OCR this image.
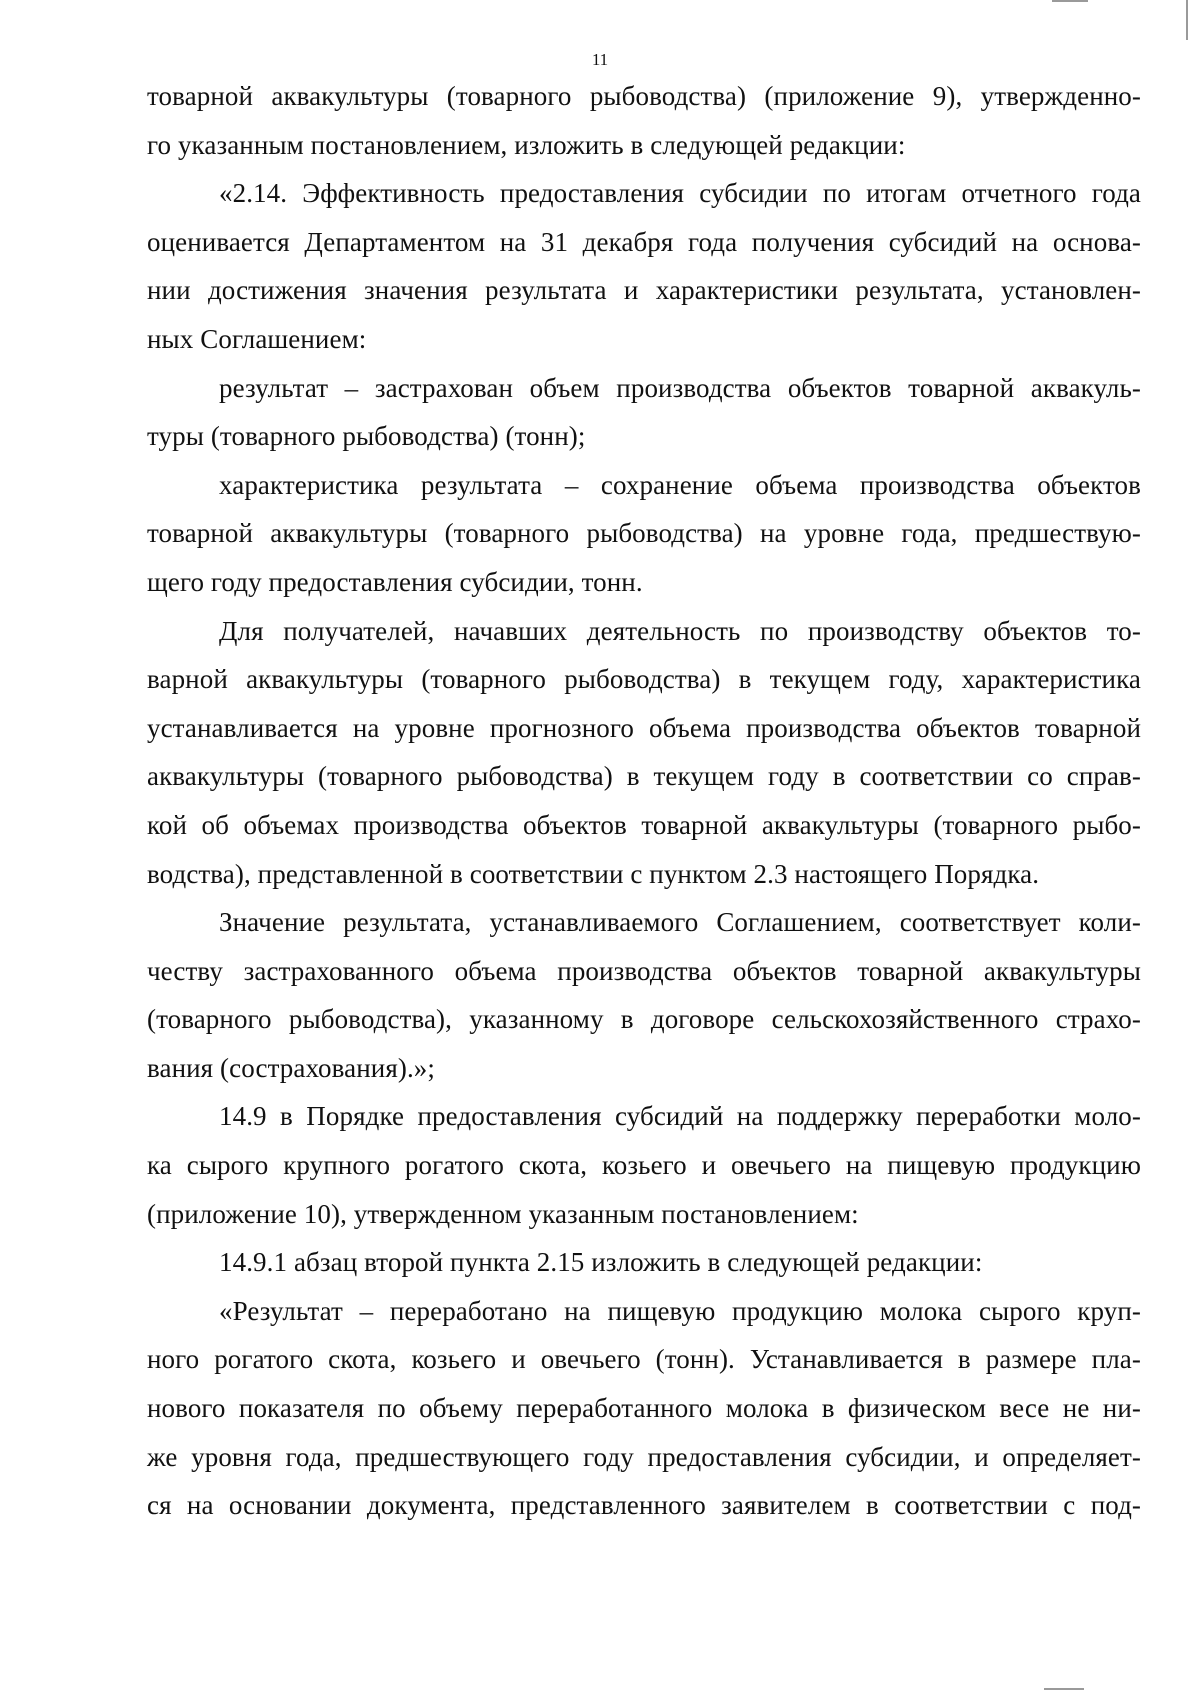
11

товарной аквакультуры (товарного рыбоводства) (приложение 9), утвержденно-

го указанным постановлением, изложить в следующей редакции:

«2.14. Эффективность предоставления субсидии по итогам отчетного года

оценивается Департаментом на 31 декабря года получения субсидий на основа-

нии достижения значения результата и характеристики результата, установлен-

ных Соглашением:

результат – застрахован объем производства объектов товарной аквакуль-

туры (товарного рыбоводства) (тонн);

характеристика результата – сохранение объема производства объектов

товарной аквакультуры (товарного рыбоводства) на уровне года, предшествую-

щего году предоставления субсидии, тонн.

Для получателей, начавших деятельность по производству объектов то-

варной аквакультуры (товарного рыбоводства) в текущем году, характеристика

устанавливается на уровне прогнозного объема производства объектов товарной

аквакультуры (товарного рыбоводства) в текущем году в соответствии со справ-

кой об объемах производства объектов товарной аквакультуры (товарного рыбо-

водства), представленной в соответствии с пунктом 2.3 настоящего Порядка.

Значение результата, устанавливаемого Соглашением, соответствует коли-

честву застрахованного объема производства объектов товарной аквакультуры

(товарного рыбоводства), указанному в договоре сельскохозяйственного страхо-

вания (сострахования).»;

14.9 в Порядке предоставления субсидий на поддержку переработки моло-

ка сырого крупного рогатого скота, козьего и овечьего на пищевую продукцию

(приложение 10), утвержденном указанным постановлением:

14.9.1 абзац второй пункта 2.15 изложить в следующей редакции:

«Результат – переработано на пищевую продукцию молока сырого круп-

ного рогатого скота, козьего и овечьего (тонн). Устанавливается в размере пла-

нового показателя по объему переработанного молока в физическом весе не ни-

же уровня года, предшествующего году предоставления субсидии, и определяет-

ся на основании документа, представленного заявителем в соответствии с под-
